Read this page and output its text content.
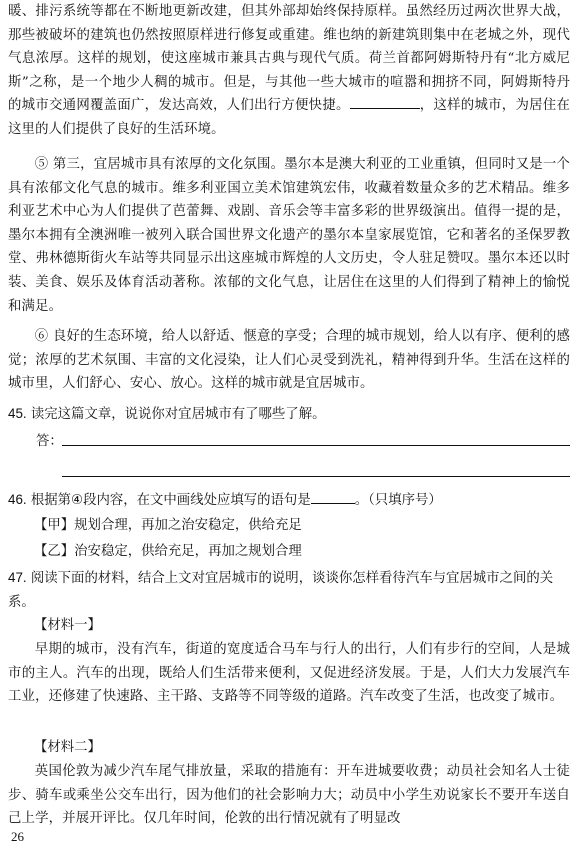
暖、排污系统等都在不断地更新改建，但其外部却始终保持原样。虽然经历过两次世界大战，那些被破坏的建筑也仍然按照原样进行修复或重建。维也纳的新建筑則集中在老城之外，现代气息浓厚。这样的规划，使这座城市兼具古典与现代气质。荷兰首都阿姆斯特丹有“北方威尼斯”之称，是一个地少人稠的城市。但是，与其他一些大城市的喧嚣和拥挤不同，阿姆斯特丹的城市交通网覆盖面广，发达高效，人们出行方便快捷。	，这样的城市，为居住在这里的人们提供了良好的生活环境。

⑤ 第三，宜居城市具有浓厚的文化氛围。墨尔本是澳大利亚的工业重镇，但同时又是一个具有浓郁文化气息的城市。维多利亚国立美术馆建筑宏伟，收藏着数量众多的艺术精品。维多利亚艺术中心为人们提供了芭蕾舞、戏剧、音乐会等丰富多彩的世界级演出。值得一提的是，墨尔本拥有全澳洲唯一被列入联合国世界文化遗产的墨尔本皇家展览馆，它和著名的圣保罗教堂、弗林德斯街火车站等共同显示出这座城市辉煌的人文历史，令人驻足赞叹。墨尔本还以时装、美食、娱乐及体育活动著称。浓郁的文化气息，让居住在这里的人们得到了精神上的愉悦和满足。

⑥ 良好的生态环境，给人以舒适、惬意的享受；合理的城市规划，给人以有序、便利的感觉；浓厚的艺术氛围、丰富的文化浸染，让人们心灵受到洗礼，精神得到升华。生活在这样的城市里，人们舒心、安心、放心。这样的城市就是宜居城市。

45. 读完这篇文章，说说你对宜居城市有了哪些了解。
答：
46. 根据第④段内容，在文中画线处应填写的语句是	。（只填序号）
【甲】规划合理，再加之治安稳定，供给充足
【乙】治安稳定，供给充足，再加之规划合理
47. 阅读下面的材料，结合上文对宜居城市的说明，谈谈你怎样看待汽车与宜居城市之间的关系。
【材料一】

早期的城市，没有汽车，街道的宽度适合马车与行人的出行，人们有步行的空间，人是城市的主人。汽车的出现，既给人们生活带来便利，又促进经济发展。于是，人们大力发展汽车工业，还修建了快速路、主干路、支路等不同等级的道路。汽车改变了生活，也改变了城市。

【材料二】

英国伦敦为减少汽车尾气排放量，采取的措施有：开车进城要收费；动员社会知名人士徒步、骑车或乘坐公交车出行，因为他们的社会影响力大；动员中小学生劝说家长不要开车送自己上学，并展开评比。仅几年时间，伦敦的出行情况就有了明显改

26
